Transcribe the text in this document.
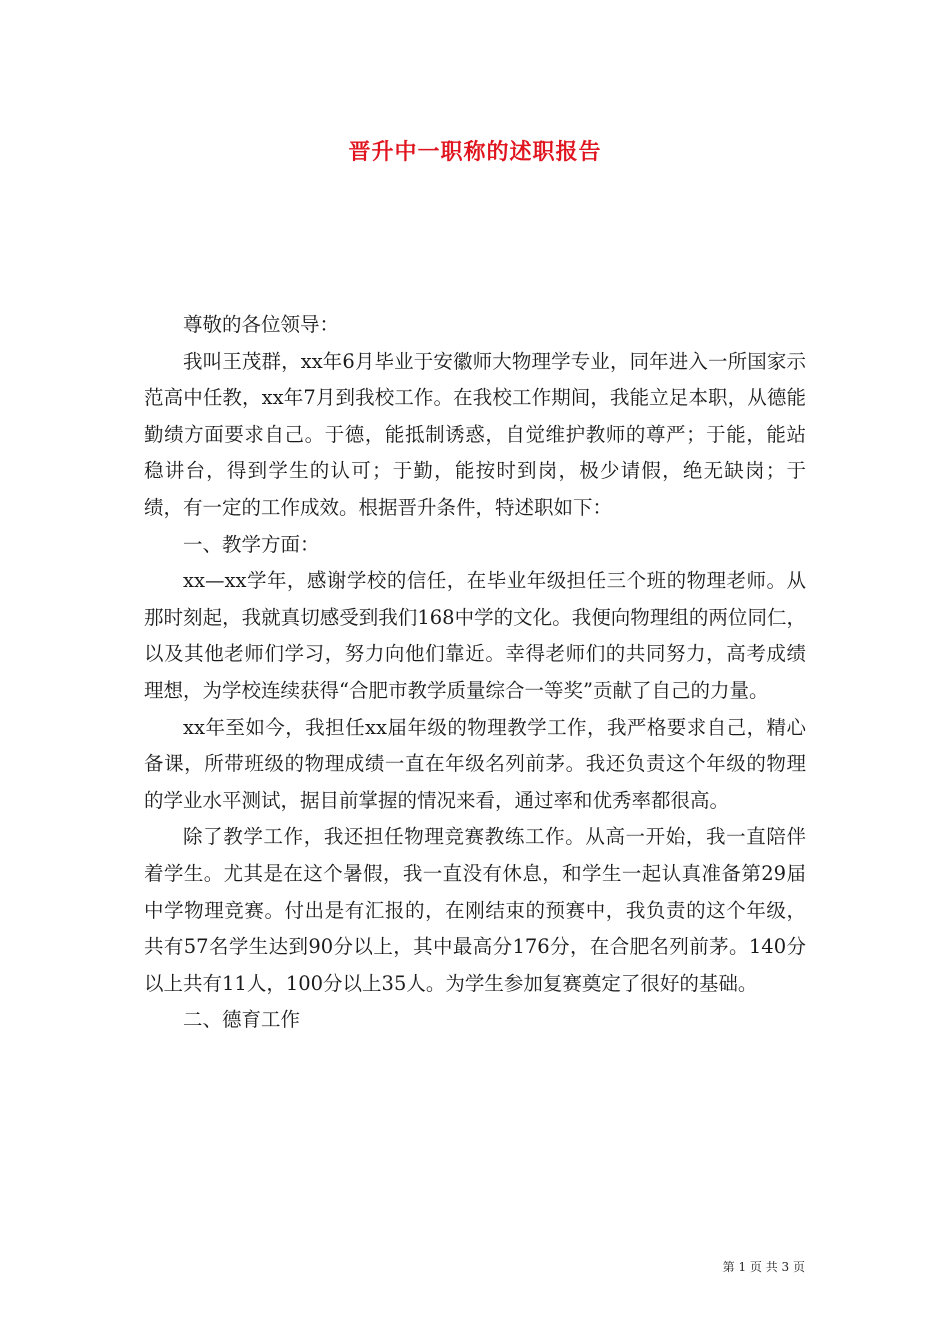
晋升中一职称的述职报告

尊敬的各位领导：

我叫王茂群，xx年6月毕业于安徽师大物理学专业，同年进入一所国家示范高中任教，xx年7月到我校工作。在我校工作期间，我能立足本职，从德能勤绩方面要求自己。于德，能抵制诱惑，自觉维护教师的尊严；于能，能站稳讲台，得到学生的认可；于勤，能按时到岗，极少请假，绝无缺岗；于绩，有一定的工作成效。根据晋升条件，特述职如下：

一、教学方面：

xx—xx学年，感谢学校的信任，在毕业年级担任三个班的物理老师。从那时刻起，我就真切感受到我们168中学的文化。我便向物理组的两位同仁，以及其他老师们学习，努力向他们靠近。幸得老师们的共同努力，高考成绩理想，为学校连续获得“合肥市教学质量综合一等奖”贡献了自己的力量。

xx年至如今，我担任xx届年级的物理教学工作，我严格要求自己，精心备课，所带班级的物理成绩一直在年级名列前茅。我还负责这个年级的物理的学业水平测试，据目前掌握的情况来看，通过率和优秀率都很高。

除了教学工作，我还担任物理竞赛教练工作。从高一开始，我一直陪伴着学生。尤其是在这个暑假，我一直没有休息，和学生一起认真准备第29届中学物理竞赛。付出是有汇报的，在刚结束的预赛中，我负责的这个年级，共有57名学生达到90分以上，其中最高分176分，在合肥名列前茅。140分以上共有11人，100分以上35人。为学生参加复赛奠定了很好的基础。

二、德育工作

第 1 页 共 3 页
